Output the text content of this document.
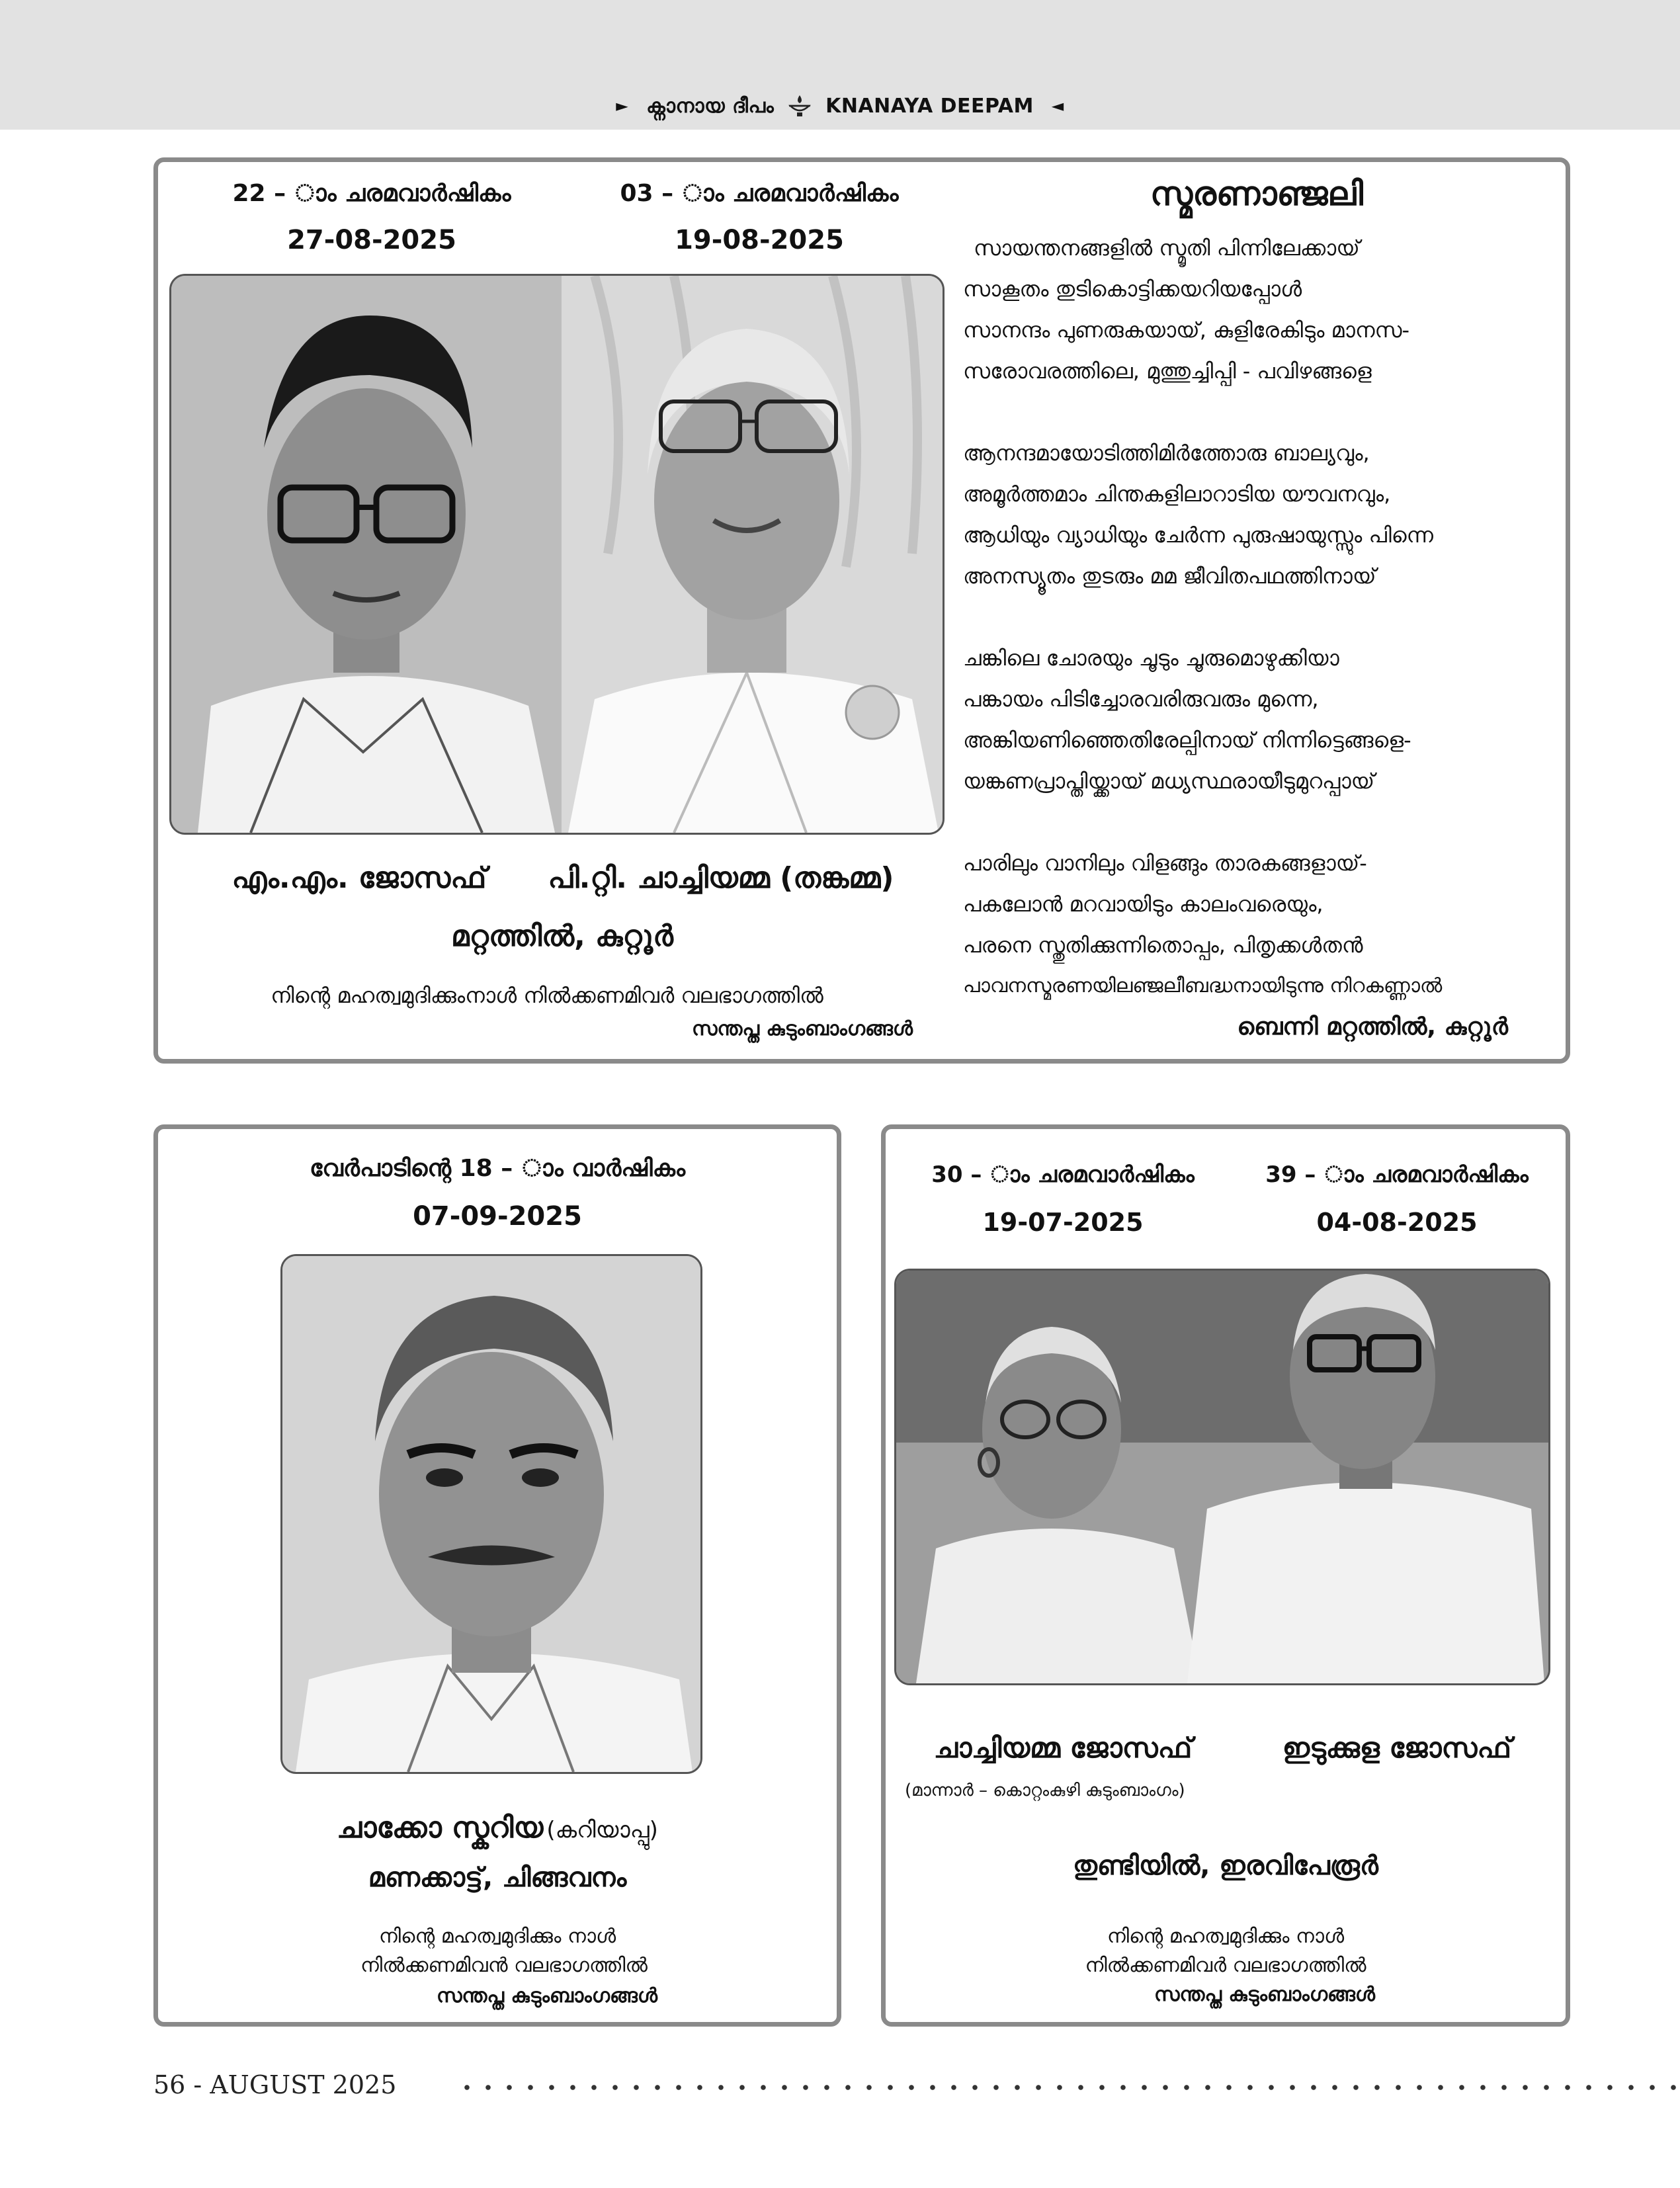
► ക്നാനായ ദീപം	KNANAYA DEEPAM ◄
22 – ാം ചരമവാർഷികം
27-08-2025
03 – ാം ചരമവാർഷികം
19-08-2025
എം.എം. ജോസഫ്	പി.റ്റി. ചാച്ചിയമ്മ (തങ്കമ്മ)
മറ്റത്തിൽ, കുറ്റൂർ
നിന്റെ മഹത്വമുദിക്കുംനാൾ നിൽക്കണമിവർ വലഭാഗത്തിൽ
സന്തപ്ത കുടുംബാംഗങ്ങൾ
സ്മരണാഞ്ജലി

സായന്തനങ്ങളിൽ സ്മൃതി പിന്നിലേക്കായ്

സാകൂതം തുടികൊട്ടിക്കയറിയപ്പോൾ

സാനന്ദം പുണരുകയായ്, കുളിരേകിടും മാനസ-

സരോവരത്തിലെ, മുത്തുച്ചിപ്പി - പവിഴങ്ങളെ

ആനന്ദമായോടിത്തിമിർത്തോരു ബാല്യവും,

അമൂർത്തമാം ചിന്തകളിലാറാടിയ യൗവനവും,

ആധിയും വ്യാധിയും ചേർന്ന പുരുഷായുസ്സും പിന്നെ

അനസ്യൂതം തുടരും മമ ജീവിതപഥത്തിനായ്

ചങ്കിലെ ചോരയും ചൂടും ചൂരുമൊഴുക്കിയാ

പങ്കായം പിടിച്ചോരവരിരുവരും മുന്നെ,

അങ്കിയണിഞ്ഞെതിരേല്പിനായ് നിന്നിട്ടെങ്ങളെ-

യങ്കണപ്രാപ്തിയ്ക്കായ് മധ്യസ്ഥരായീടുമുറപ്പായ്

പാരിലും വാനിലും വിളങ്ങും താരകങ്ങളായ്-

പകലോൻ മറവായിടും കാലംവരെയും,

പരനെ സ്തുതിക്കുന്നിതൊപ്പം, പിതൃക്കൾതൻ

പാവനസ്മരണയിലഞ്ജലീബദ്ധനായിടുന്നു നിറകണ്ണാൽ

ബെന്നി മറ്റത്തിൽ, കുറ്റൂർ
വേർപാടിന്റെ 18 – ാം വാർഷികം
07-09-2025
ചാക്കോ സ്കറിയ (കറിയാപ്പു)
മണക്കാട്ട്, ചിങ്ങവനം
നിന്റെ മഹത്വമുദിക്കും നാൾ
നിൽക്കണമിവൻ വലഭാഗത്തിൽ
സന്തപ്ത കുടുംബാംഗങ്ങൾ
30 – ാം ചരമവാർഷികം
19-07-2025
39 – ാം ചരമവാർഷികം
04-08-2025
ചാച്ചിയമ്മ ജോസഫ്	ഇടുക്കുള ജോസഫ്
(മാന്നാർ – കൊറ്റംകുഴി കുടുംബാംഗം)
തുണ്ടിയിൽ, ഇരവിപേരൂർ
നിന്റെ മഹത്വമുദിക്കും നാൾ
നിൽക്കണമിവർ വലഭാഗത്തിൽ
സന്തപ്ത കുടുംബാംഗങ്ങൾ
56 - AUGUST 2025
